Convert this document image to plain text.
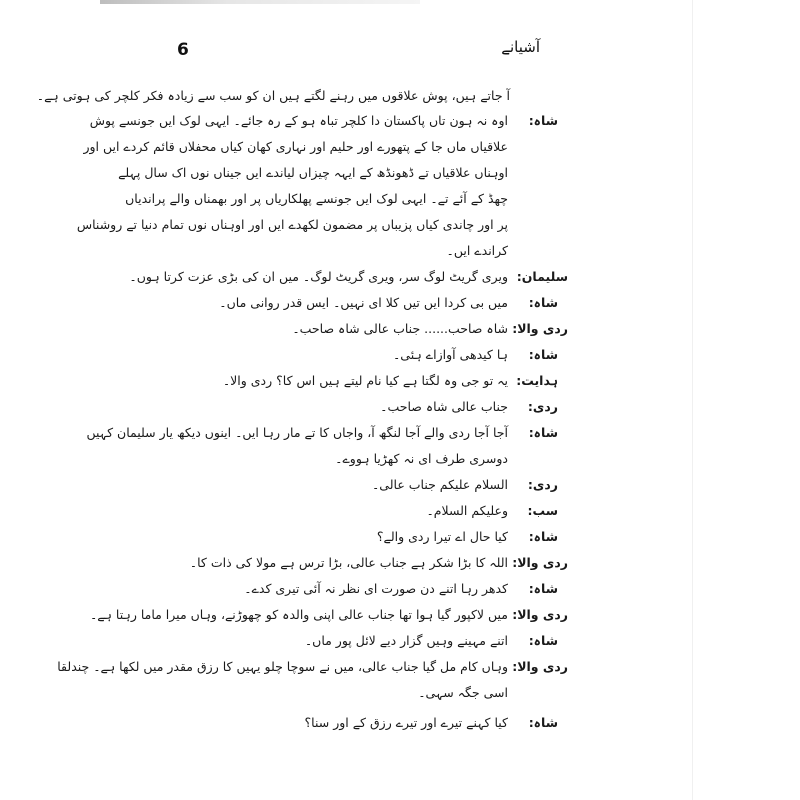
6	آشیانے
آ جاتے ہیں، پوش علاقوں میں رہنے لگتے ہیں ان کو سب سے زیادہ فکر کلچر کی ہوتی ہے۔
شاہ:
اوہ نہ ہون تاں پاکستان دا کلچر تباہ ہو کے رہ جائے۔ ایہی لوک ایں جونسے پوش
علاقیاں ماں جا کے پتھورے اور حلیم اور نہاری کھان کیاں محفلاں قائم کردے ایں اور
اوہناں علاقیاں تے ڈھونڈھ کے ایہہ چیزاں لیاندے ایں جیناں نوں اک سال پہلے
چھڈ کے آئے تے۔ ایہی لوک ایں جونسے پھلکاریاں پر اور بھمناں والے پراندیاں
پر اور چاندی کیاں پزیباں پر مضمون لکھدے ایں اور اوہناں نوں تمام دنیا تے روشناس
کراندے ایں۔
سلیمان:
ویری گریٹ لوگ سر، ویری گریٹ لوگ۔ میں ان کی بڑی عزت کرتا ہوں۔
شاہ:
میں بی کردا ایں تیں کلا ای نہیں۔ ایس قدر روانی ماں۔
ردی والا:
شاہ صاحب...... جناب عالی شاہ صاحب۔
شاہ:
ہا کیدھی آوازاے ہئی۔
ہدایت:
یہ تو جی وہ لگتا ہے کیا نام لیتے ہیں اس کا؟ ردی والا۔
ردی:
جناب عالی شاہ صاحب۔
شاہ:
آجا آجا ردی والے آجا لنگھ آ، واجاں کا تے مار رہا ایں۔ اینوں دیکھ یار سلیمان کہیں
دوسری طرف ای نہ کھڑیا ہووے۔
ردی:
السلام علیکم جناب عالی۔
سب:
وعلیکم السلام۔
شاہ:
کیا حال اے تیرا ردی والے؟
ردی والا:
اللہ کا بڑا شکر ہے جناب عالی، بڑا ترس ہے مولا کی ذات کا۔
شاہ:
کدھر رہا اتنے دن صورت ای نظر نہ آئی تیری کدے۔
ردی والا:
میں لاکپور گیا ہوا تھا جناب عالی اپنی والدہ کو چھوڑنے، وہاں میرا ماما رہتا ہے۔
شاہ:
اتنے مہینے وہیں گزار دیے لائل پور ماں۔
ردی والا:
وہاں کام مل گیا جناب عالی، میں نے سوچا چلو یہیں کا رزق مقدر میں لکھا ہے۔ چندلقا
اسی جگہ سہی۔
شاہ:
کیا کہنے تیرے اور تیرے رزق کے اور سنا؟
